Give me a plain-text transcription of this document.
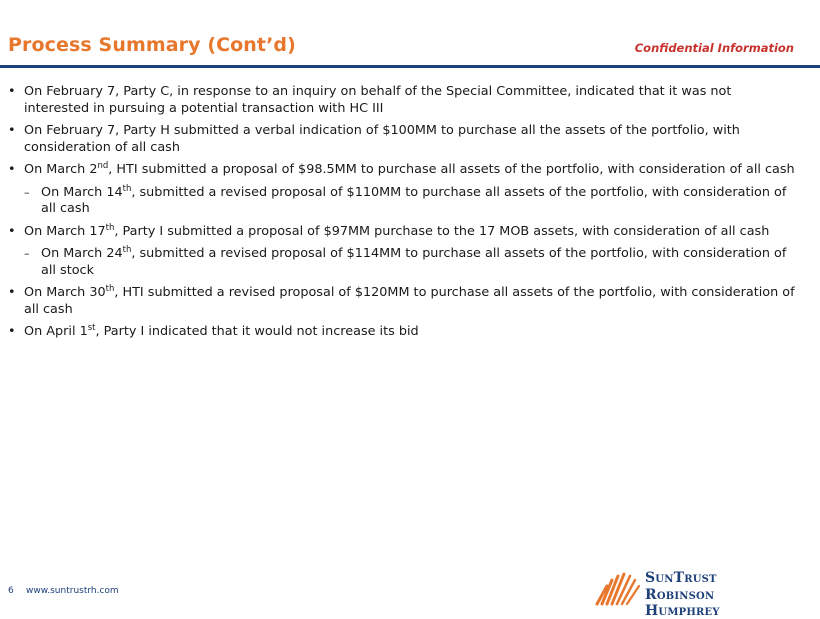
Process Summary (Cont’d)	Confidential Information
• On February 7, Party C, in response to an inquiry on behalf of the Special Committee, indicated that it was not interested in pursuing a potential transaction with HC III
• On February 7, Party H submitted a verbal indication of $100MM to purchase all the assets of the portfolio, with consideration of all cash
• On March 2nd, HTI submitted a proposal of $98.5MM to purchase all assets of the portfolio, with consideration of all cash
– On March 14th, submitted a revised proposal of $110MM to purchase all assets of the portfolio, with consideration of all cash
• On March 17th, Party I submitted a proposal of $97MM purchase to the 17 MOB assets, with consideration of all cash
– On March 24th, submitted a revised proposal of $114MM to purchase all assets of the portfolio, with consideration of all stock
• On March 30th, HTI submitted a revised proposal of $120MM to purchase all assets of the portfolio, with consideration of all cash
• On April 1st, Party I indicated that it would not increase its bid
6 www.suntrustrh.com
SunTrust
Robinson Humphrey
